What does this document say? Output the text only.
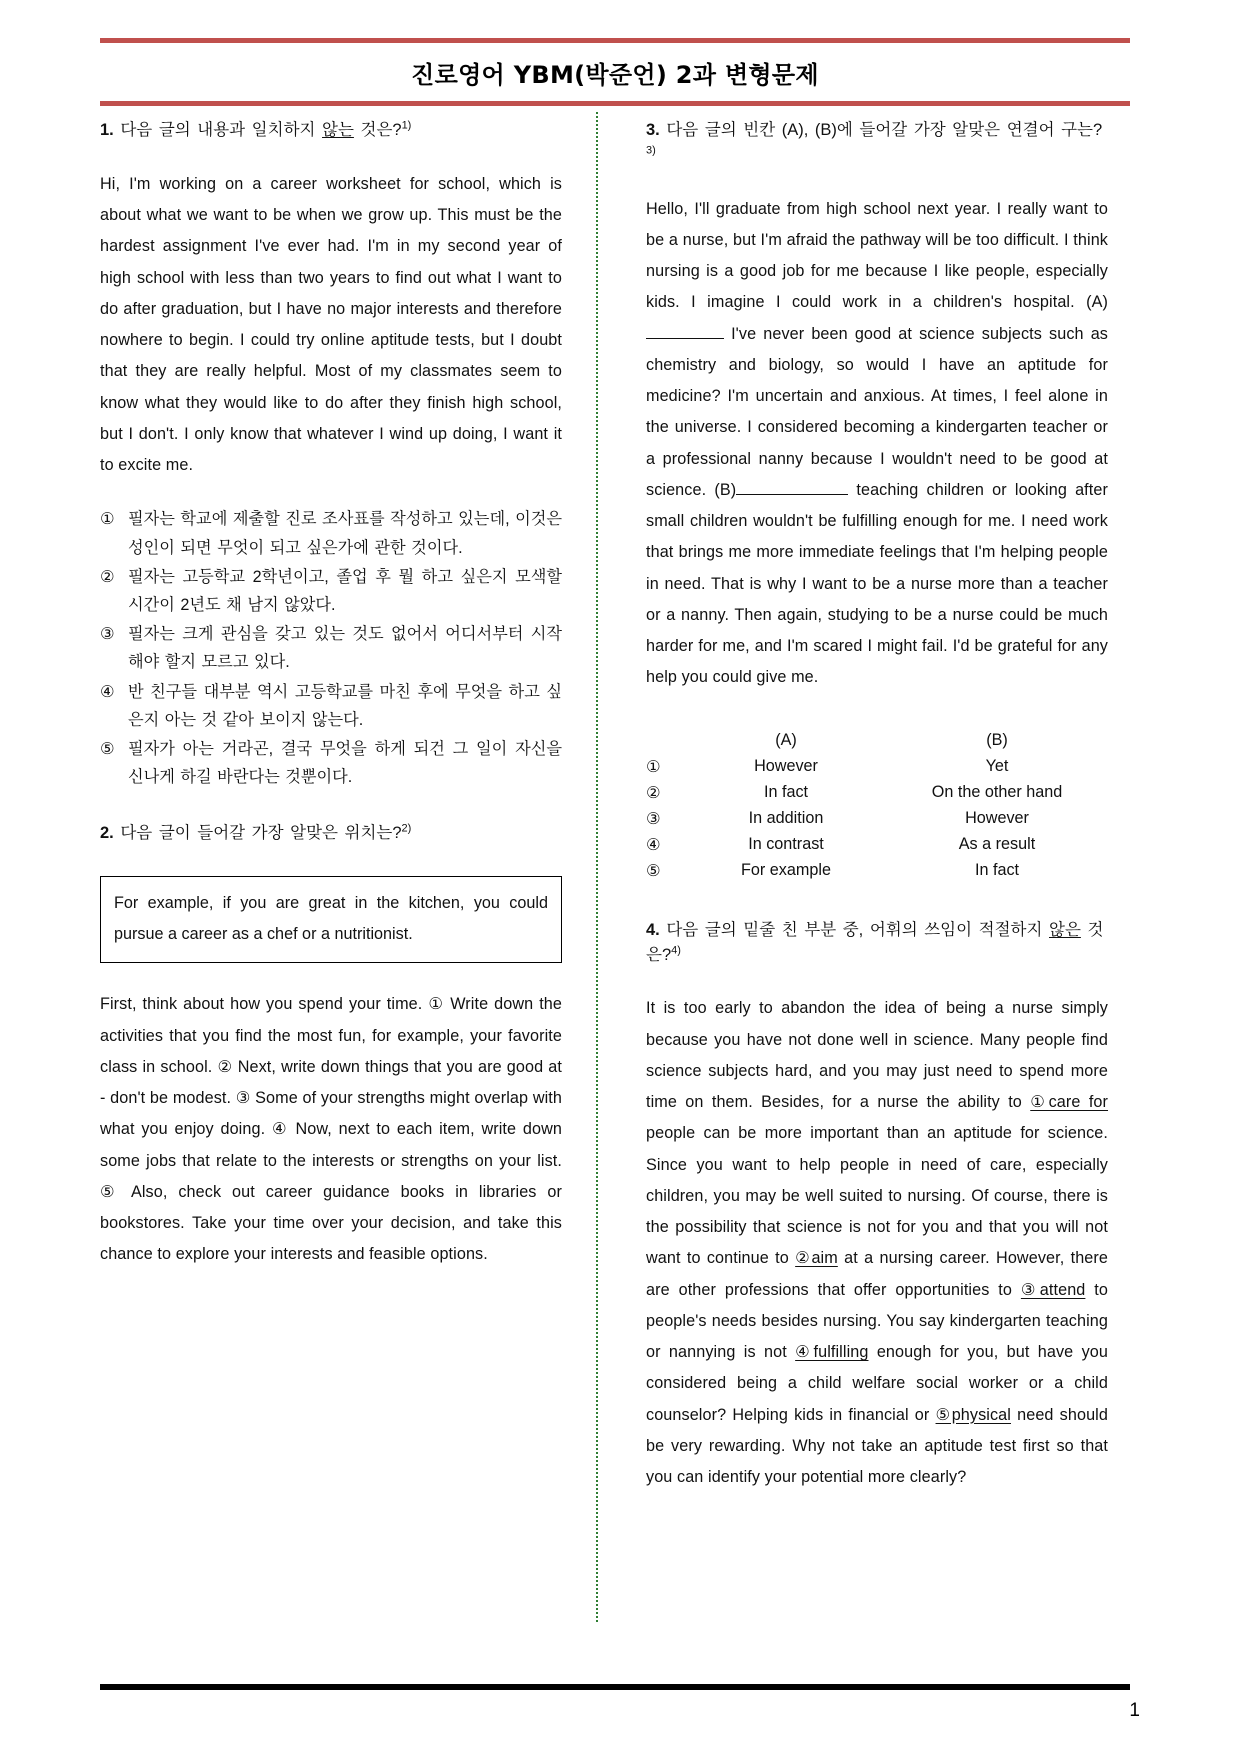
진로영어 YBM(박준언) 2과 변형문제
1. 다음 글의 내용과 일치하지 않는 것은?$^{1)}$
Hi, I'm working on a career worksheet for school, which is about what we want to be when we grow up. This must be the hardest assignment I've ever had. I'm in my second year of high school with less than two years to find out what I want to do after graduation, but I have no major interests and therefore nowhere to begin. I could try online aptitude tests, but I doubt that they are really helpful. Most of my classmates seem to know what they would like to do after they finish high school, but I don't. I only know that whatever I wind up doing, I want it to excite me.
① 필자는 학교에 제출할 진로 조사표를 작성하고 있는데, 이것은 성인이 되면 무엇이 되고 싶은가에 관한 것이다.
② 필자는 고등학교 2학년이고, 졸업 후 뭘 하고 싶은지 모색할 시간이 2년도 채 남지 않았다.
③ 필자는 크게 관심을 갖고 있는 것도 없어서 어디서부터 시작해야 할지 모르고 있다.
④ 반 친구들 대부분 역시 고등학교를 마친 후에 무엇을 하고 싶은지 아는 것 같아 보이지 않는다.
⑤ 필자가 아는 거라곤, 결국 무엇을 하게 되건 그 일이 자신을 신나게 하길 바란다는 것뿐이다.
2. 다음 글이 들어갈 가장 알맞은 위치는?$^{2)}$
For example, if you are great in the kitchen, you could pursue a career as a chef or a nutritionist.
First, think about how you spend your time. ① Write down the activities that you find the most fun, for example, your favorite class in school. ② Next, write down things that you are good at - don't be modest. ③ Some of your strengths might overlap with what you enjoy doing. ④ Now, next to each item, write down some jobs that relate to the interests or strengths on your list. ⑤ Also, check out career guidance books in libraries or bookstores. Take your time over your decision, and take this chance to explore your interests and feasible options.
3. 다음 글의 빈칸 (A), (B)에 들어갈 가장 알맞은 연결어 구는?$^{3)}$
Hello, I'll graduate from high school next year. I really want to be a nurse, but I'm afraid the pathway will be too difficult. I think nursing is a good job for me because I like people, especially kids. I imagine I could work in a children's hospital. (A) I've never been good at science subjects such as chemistry and biology, so would I have an aptitude for medicine? I'm uncertain and anxious. At times, I feel alone in the universe. I considered becoming a kindergarten teacher or a professional nanny because I wouldn't need to be good at science. (B)	teaching children or looking after small children wouldn't be fulfilling enough for me. I need work that brings me more immediate feelings that I'm helping people in need. That is why I want to be a nurse more than a teacher or a nanny. Then again, studying to be a nurse could be much harder for me, and I'm scared I might fail. I'd be grateful for any help you could give me.
	(A)	(B)
①	However	Yet
②	In fact	On the other hand
③	In addition	However
④	In contrast	As a result
⑤	For example	In fact
4. 다음 글의 밑줄 친 부분 중, 어휘의 쓰임이 적절하지 않은 것은?$^{4)}$
It is too early to abandon the idea of being a nurse simply because you have not done well in science. Many people find science subjects hard, and you may just need to spend more time on them. Besides, for a nurse the ability to ①care for people can be more important than an aptitude for science. Since you want to help people in need of care, especially children, you may be well suited to nursing. Of course, there is the possibility that science is not for you and that you will not want to continue to ②aim at a nursing career. However, there are other professions that offer opportunities to ③attend to people's needs besides nursing. You say kindergarten teaching or nannying is not ④fulfilling enough for you, but have you considered being a child welfare social worker or a child counselor? Helping kids in financial or ⑤physical need should be very rewarding. Why not take an aptitude test first so that you can identify your potential more clearly?
1
